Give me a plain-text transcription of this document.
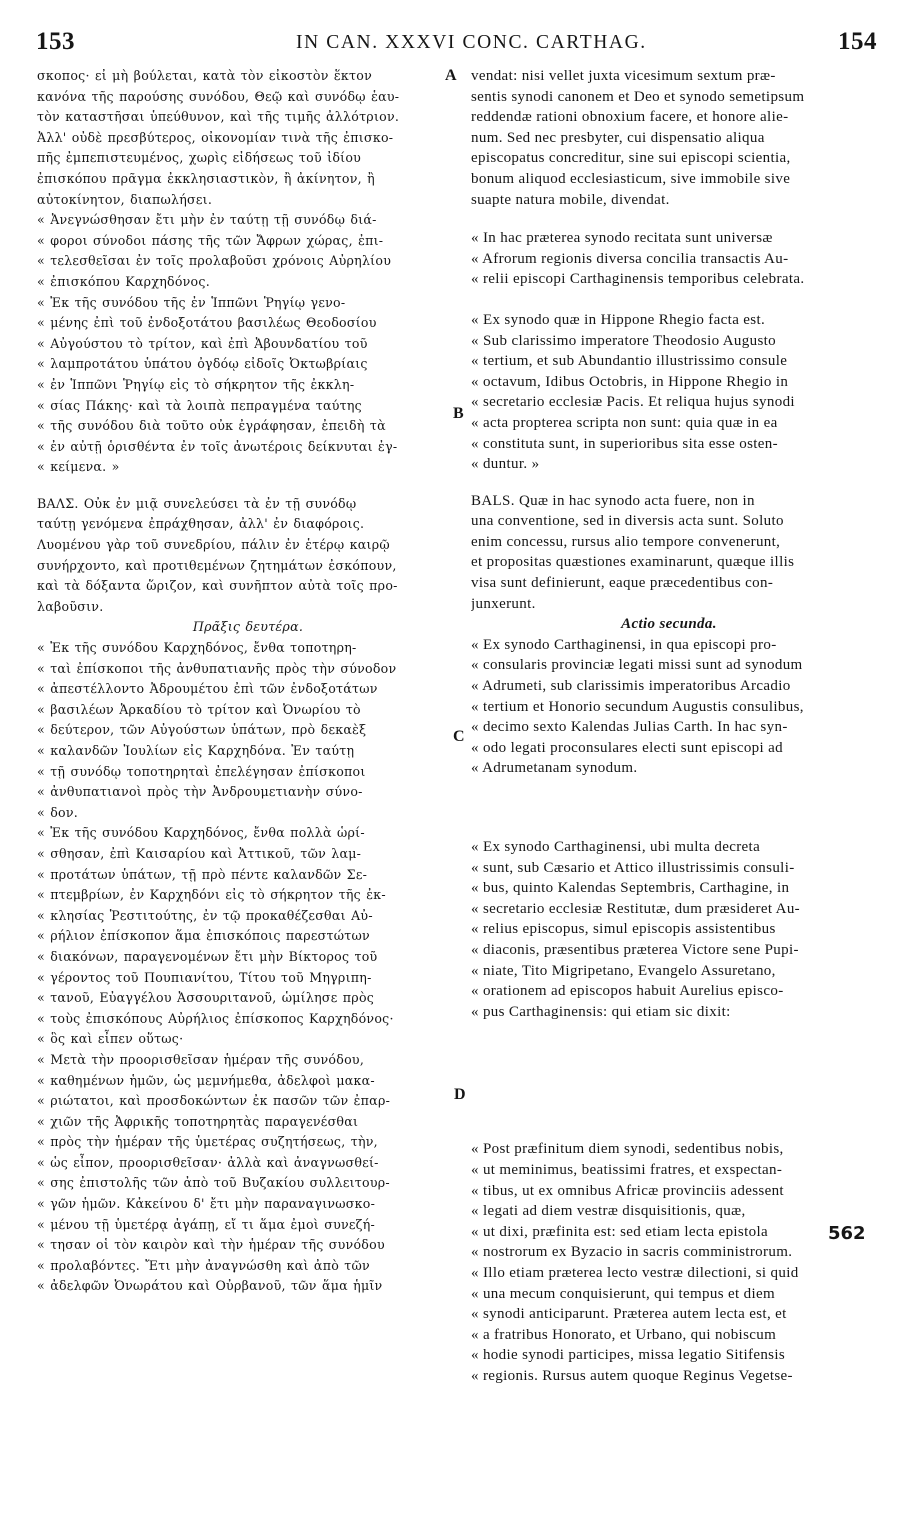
153	IN CAN. XXXVI CONC. CARTHAG.	154
σκοπος· εἰ μὴ βούλεται, κατὰ τὸν εἰκοστὸν ἕκτον
κανόνα τῆς παρούσης συνόδου, Θεῷ καὶ συνόδῳ ἑαυ-
τὸν καταστῆσαι ὑπεύθυνον, καὶ τῆς τιμῆς ἀλλότριον.
Ἀλλ' οὐδὲ πρεσβύτερος, οἰκονομίαν τινὰ τῆς ἐπισκο-
πῆς ἐμπεπιστευμένος, χωρὶς εἰδήσεως τοῦ ἰδίου
ἐπισκόπου πρᾶγμα ἐκκλησιαστικὸν, ἢ ἀκίνητον, ἢ
αὐτοκίνητον, διαπωλήσει.
« Ἀνεγνώσθησαν ἔτι μὴν ἐν ταύτῃ τῇ συνόδῳ διά-
« φοροι σύνοδοι πάσης τῆς τῶν Ἄφρων χώρας, ἐπι-
« τελεσθεῖσαι ἐν τοῖς προλαβοῦσι χρόνοις Αὐρηλίου
« ἐπισκόπου Καρχηδόνος.
« Ἐκ τῆς συνόδου τῆς ἐν Ἱππῶνι Ῥηγίῳ γενο-
« μένης ἐπὶ τοῦ ἐνδοξοτάτου βασιλέως Θεοδοσίου
« Αὐγούστου τὸ τρίτον, καὶ ἐπὶ Ἀβουνδατίου τοῦ
« λαμπροτάτου ὑπάτου ὀγδόῳ εἰδοῖς Ὀκτωβρίαις
« ἐν Ἱππῶνι Ῥηγίῳ εἰς τὸ σήκρητον τῆς ἐκκλη-
« σίας Πάκης· καὶ τὰ λοιπὰ πεπραγμένα ταύτης
« τῆς συνόδου διὰ τοῦτο οὐκ ἐγράφησαν, ἐπειδὴ τὰ
« ἐν αὐτῇ ὁρισθέντα ἐν τοῖς ἀνωτέροις δείκνυται ἐγ-
« κείμενα. »
ΒΑΛΣ. Οὐκ ἐν μιᾷ συνελεύσει τὰ ἐν τῇ συνόδῳ
ταύτῃ γενόμενα ἐπράχθησαν, ἀλλ' ἐν διαφόροις.
Λυομένου γὰρ τοῦ συνεδρίου, πάλιν ἐν ἑτέρῳ καιρῷ
συνήρχοντο, καὶ προτιθεμένων ζητημάτων ἐσκόπουν,
καὶ τὰ δόξαντα ὥριζον, καὶ συνῆπτον αὐτὰ τοῖς προ-
λαβοῦσιν.
Πρᾶξις δευτέρα.
« Ἐκ τῆς συνόδου Καρχηδόνος, ἔνθα τοποτηρη-
« ταὶ ἐπίσκοποι τῆς ἀνθυπατιανῆς πρὸς τὴν σύνοδον
« ἀπεστέλλοντο Ἀδρουμέτου ἐπὶ τῶν ἐνδοξοτάτων
« βασιλέων Ἀρκαδίου τὸ τρίτον καὶ Ὀνωρίου τὸ
« δεύτερον, τῶν Αὐγούστων ὑπάτων, πρὸ δεκαὲξ
« καλανδῶν Ἰουλίων εἰς Καρχηδόνα. Ἐν ταύτῃ
« τῇ συνόδῳ τοποτηρηταὶ ἐπελέγησαν ἐπίσκοποι
« ἀνθυπατιανοὶ πρὸς τὴν Ἀνδρουμετιανὴν σύνο-
« δον.
« Ἐκ τῆς συνόδου Καρχηδόνος, ἔνθα πολλὰ ὡρί-
« σθησαν, ἐπὶ Καισαρίου καὶ Ἀττικοῦ, τῶν λαμ-
« προτάτων ὑπάτων, τῇ πρὸ πέντε καλανδῶν Σε-
« πτεμβρίων, ἐν Καρχηδόνι εἰς τὸ σήκρητον τῆς ἐκ-
« κλησίας Ῥεστιτούτης, ἐν τῷ προκαθέζεσθαι Αὐ-
« ρήλιον ἐπίσκοπον ἅμα ἐπισκόποις παρεστώτων
« διακόνων, παραγενομένων ἔτι μὴν Βίκτορος τοῦ
« γέροντος τοῦ Πουπιανίτου, Τίτου τοῦ Μηγριπη-
« τανοῦ, Εὐαγγέλου Ἀσσουριτανοῦ, ὡμίλησε πρὸς
« τοὺς ἐπισκόπους Αὐρήλιος ἐπίσκοπος Καρχηδόνος·
« ὃς καὶ εἶπεν οὕτως·
« Μετὰ τὴν προορισθεῖσαν ἡμέραν τῆς συνόδου,
« καθημένων ἡμῶν, ὡς μεμνήμεθα, ἀδελφοὶ μακα-
« ριώτατοι, καὶ προσδοκώντων ἐκ πασῶν τῶν ἐπαρ-
« χιῶν τῆς Ἀφρικῆς τοποτηρητὰς παραγενέσθαι
« πρὸς τὴν ἡμέραν τῆς ὑμετέρας συζητήσεως, τὴν,
« ὡς εἶπον, προορισθεῖσαν· ἀλλὰ καὶ ἀναγνωσθεί-
« σης ἐπιστολῆς τῶν ἀπὸ τοῦ Βυζακίου συλλειτουρ-
« γῶν ἡμῶν. Κἀκείνου δ' ἔτι μὴν παραναγινωσκο-
« μένου τῇ ὑμετέρᾳ ἀγάπῃ, εἴ τι ἅμα ἐμοὶ συνεζή-
« τησαν οἱ τὸν καιρὸν καὶ τὴν ἡμέραν τῆς συνόδου
« προλαβόντες. Ἔτι μὴν ἀναγνώσθη καὶ ἀπὸ τῶν
« ἀδελφῶν Ὀνωράτου καὶ Οὐρβανοῦ, τῶν ἅμα ἡμῖν
vendat: nisi vellet juxta vicesimum sextum præ-
sentis synodi canonem et Deo et synodo semetipsum
reddendæ rationi obnoxium facere, et honore alie-
num. Sed nec presbyter, cui dispensatio aliqua
episcopatus concreditur, sine sui episcopi scientia,
bonum aliquod ecclesiasticum, sive immobile sive
suapte natura mobile, divendat.
« In hac præterea synodo recitata sunt universæ
« Afrorum regionis diversa concilia transactis Au-
« relii episcopi Carthaginensis temporibus celebrata.
« Ex synodo quæ in Hippone Rhegio facta est.
« Sub clarissimo imperatore Theodosio Augusto
« tertium, et sub Abundantio illustrissimo consule
« octavum, Idibus Octobris, in Hippone Rhegio in
« secretario ecclesiæ Pacis. Et reliqua hujus synodi
« acta propterea scripta non sunt: quia quæ in ea
« constituta sunt, in superioribus sita esse osten-
« duntur. »
BALS. Quæ in hac synodo acta fuere, non in
una conventione, sed in diversis acta sunt. Soluto
enim concessu, rursus alio tempore convenerunt,
et propositas quæstiones examinarunt, quæque illis
visa sunt definierunt, eaque præcedentibus con-
junxerunt.
Actio secunda.
« Ex synodo Carthaginensi, in qua episcopi pro-
« consularis provinciæ legati missi sunt ad synodum
« Adrumeti, sub clarissimis imperatoribus Arcadio
« tertium et Honorio secundum Augustis consulibus,
« decimo sexto Kalendas Julias Carth. In hac syn-
« odo legati proconsulares electi sunt episcopi ad
« Adrumetanam synodum.
« Ex synodo Carthaginensi, ubi multa decreta
« sunt, sub Cæsario et Attico illustrissimis consuli-
« bus, quinto Kalendas Septembris, Carthagine, in
« secretario ecclesiæ Restitutæ, dum præsideret Au-
« relius episcopus, simul episcopis assistentibus
« diaconis, præsentibus præterea Victore sene Pupi-
« niate, Tito Migripetano, Evangelo Assuretano,
« orationem ad episcopos habuit Aurelius episco-
« pus Carthaginensis: qui etiam sic dixit:
« Post præfinitum diem synodi, sedentibus nobis,
« ut meminimus, beatissimi fratres, et exspectan-
« tibus, ut ex omnibus Africæ provinciis adessent
« legati ad diem vestræ disquisitionis, quæ,
« ut dixi, præfinita est: sed etiam lecta epistola
« nostrorum ex Byzacio in sacris comministrorum.
« Illo etiam præterea lecto vestræ dilectioni, si quid
« una mecum conquisierunt, qui tempus et diem
« synodi anticiparunt. Præterea autem lecta est, et
« a fratribus Honorato, et Urbano, qui nobiscum
« hodie synodi participes, missa legatio Sitifensis
« regionis. Rursus autem quoque Reginus Vegetse-
A
B
C
D
562
